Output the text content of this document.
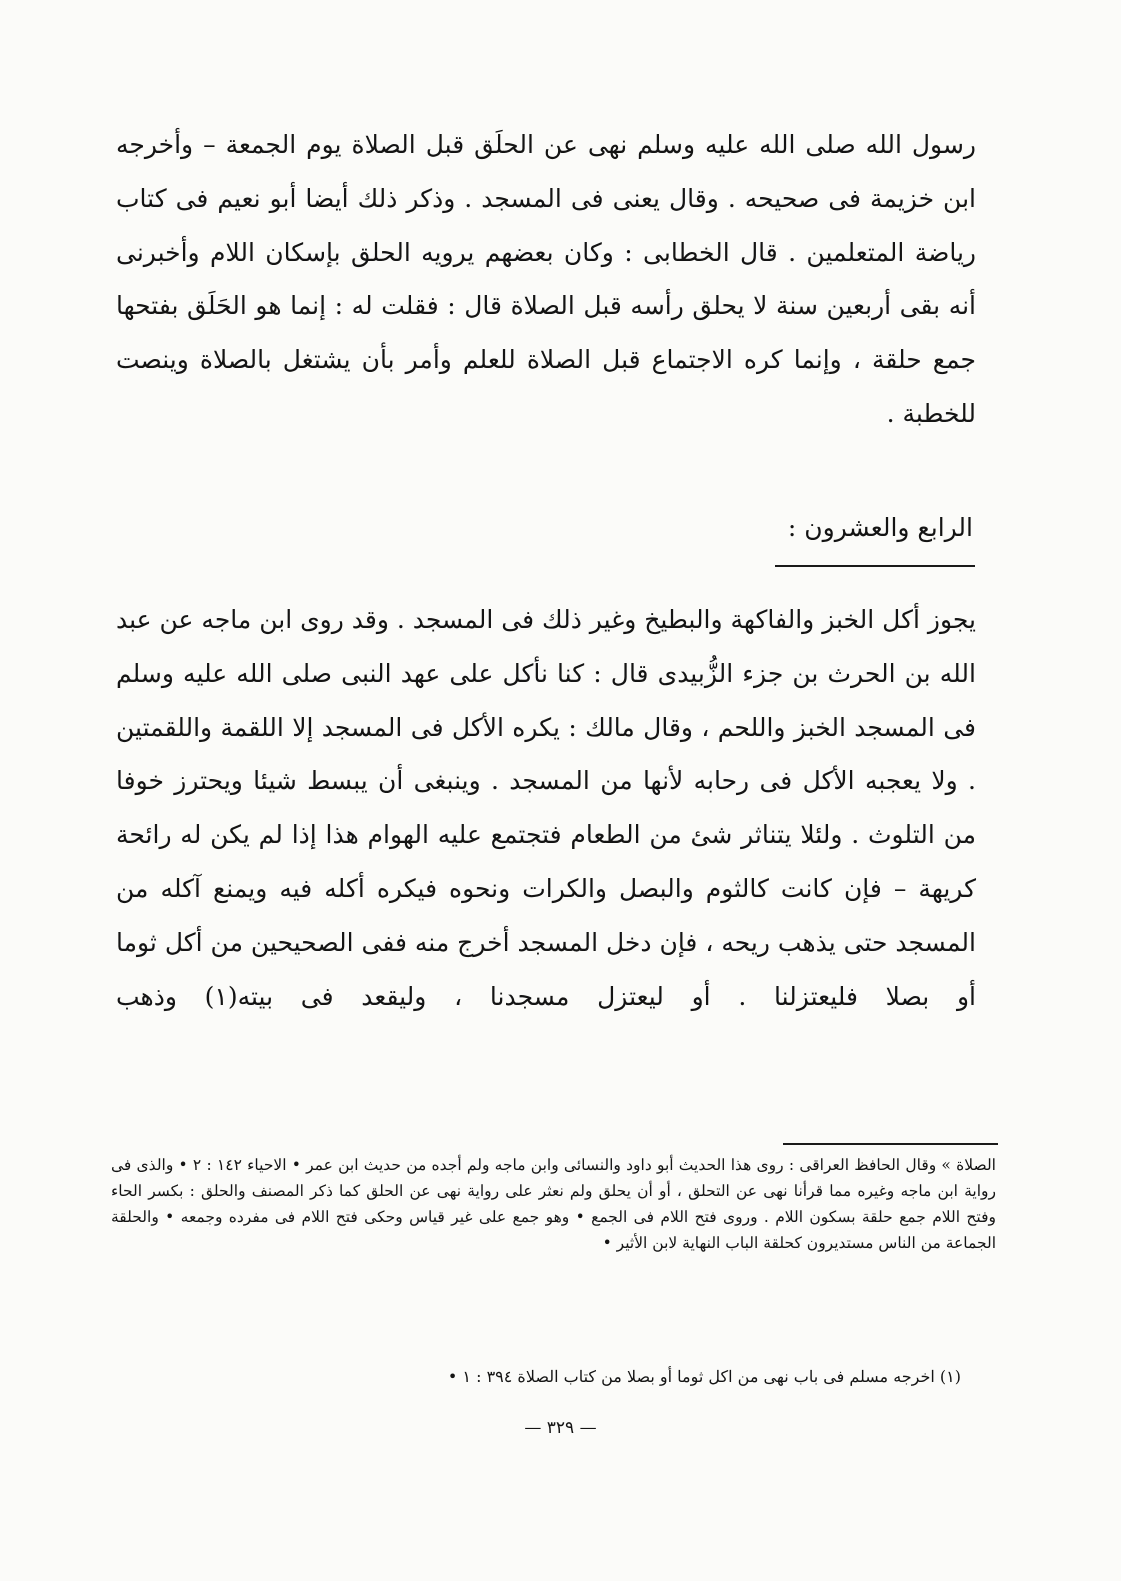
رسول الله صلى الله عليه وسلم نهى عن الحلَق قبل الصلاة يوم الجمعة – وأخرجه ابن خزيمة فى صحيحه . وقال يعنى فى المسجد . وذكر ذلك أيضا أبو نعيم فى كتاب رياضة المتعلمين . قال الخطابى : وكان بعضهم يرويه الحلق بإسكان اللام وأخبرنى أنه بقى أربعين سنة لا يحلق رأسه قبل الصلاة قال : فقلت له : إنما هو الحَلَق بفتحها جمع حلقة ، وإنما كره الاجتماع قبل الصلاة للعلم وأمر بأن يشتغل بالصلاة وينصت للخطبة .

الرابع والعشرون :

يجوز أكل الخبز والفاكهة والبطيخ وغير ذلك فى المسجد . وقد روى ابن ماجه عن عبد الله بن الحرث بن جزء الزُّبيدى قال : كنا نأكل على عهد النبى صلى الله عليه وسلم فى المسجد الخبز واللحم ، وقال مالك : يكره الأكل فى المسجد إلا اللقمة واللقمتين . ولا يعجبه الأكل فى رحابه لأنها من المسجد . وينبغى أن يبسط شيئا ويحترز خوفا من التلوث . ولئلا يتناثر شئ من الطعام فتجتمع عليه الهوام هذا إذا لم يكن له رائحة كريهة – فإن كانت كالثوم والبصل والكرات ونحوه فيكره أكله فيه ويمنع آكله من المسجد حتى يذهب ريحه ، فإن دخل المسجد أخرج منه ففى الصحيحين من أكل ثوما أو بصلا فليعتزلنا . أو ليعتزل مسجدنا ، وليقعد فى بيته(١) وذهب

الصلاة » وقال الحافظ العراقى : روى هذا الحديث أبو داود والنسائى وابن ماجه ولم أجده من حديث ابن عمر • الاحياء ١٤٢ : ٢ • والذى فى رواية ابن ماجه وغيره مما قرأنا نهى عن التحلق ، أو أن يحلق ولم نعثر على رواية نهى عن الحلق كما ذكر المصنف والحلق : بكسر الحاء وفتح اللام جمع حلقة بسكون اللام . وروى فتح اللام فى الجمع • وهو جمع على غير قياس وحكى فتح اللام فى مفرده وجمعه • والحلقة الجماعة من الناس مستديرون كحلقة الباب النهاية لابن الأثير •

(١) اخرجه مسلم فى باب نهى من اكل ثوما أو بصلا من كتاب الصلاة ٣٩٤ : ١ •

— ٣٢٩ —
